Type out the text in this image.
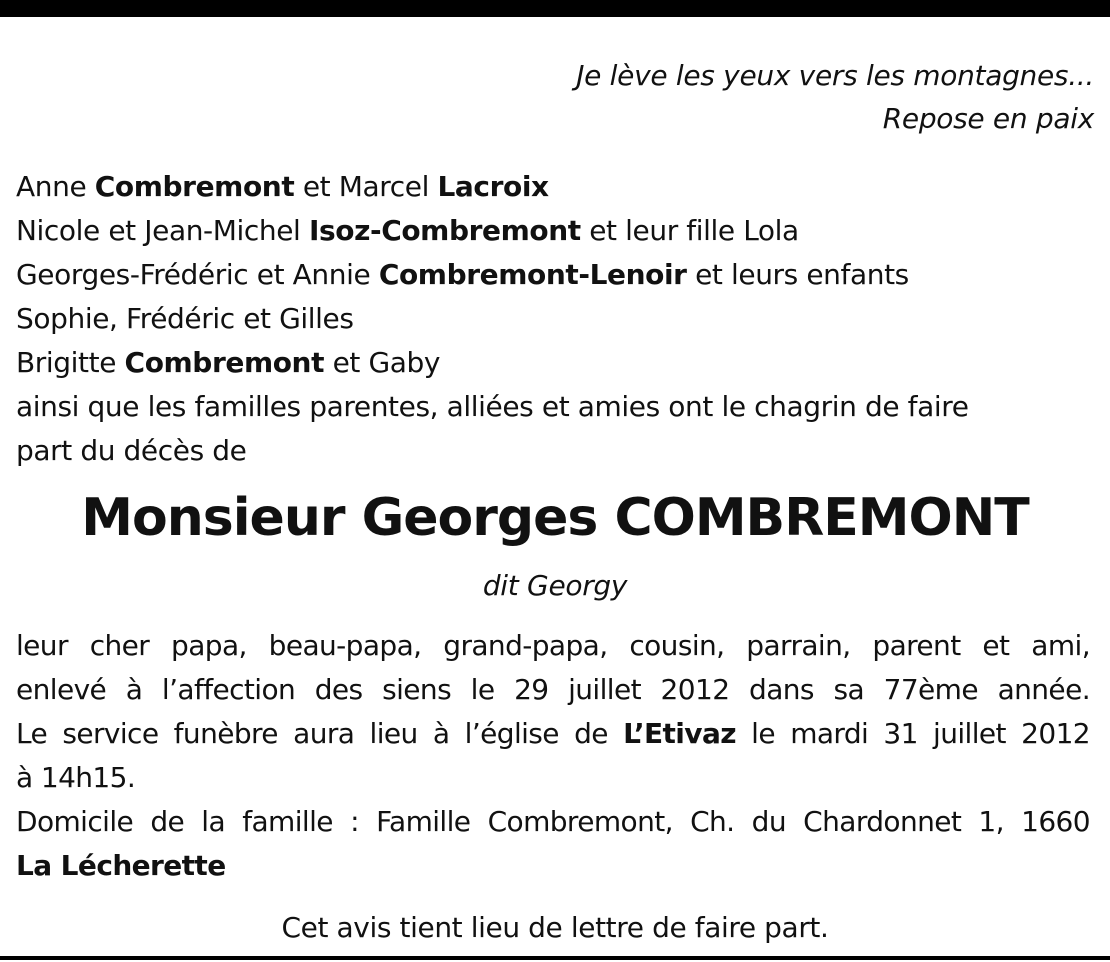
Je lève les yeux vers les montagnes...
Repose en paix
Anne Combremont et Marcel Lacroix
Nicole et Jean-Michel Isoz-Combremont et leur fille Lola
Georges-Frédéric et Annie Combremont-Lenoir et leurs enfants
Sophie, Frédéric et Gilles
Brigitte Combremont et Gaby
ainsi que les familles parentes, alliées et amies ont le chagrin de faire
part du décès de
Monsieur Georges COMBREMONT
dit Georgy
leur cher papa, beau-papa, grand-papa, cousin, parrain, parent et ami,
enlevé à l’affection des siens le 29 juillet 2012 dans sa 77ème année.
Le service funèbre aura lieu à l’église de L’Etivaz le mardi 31 juillet 2012
à 14h15.
Domicile de la famille : Famille Combremont, Ch. du Chardonnet 1, 1660
La Lécherette
Cet avis tient lieu de lettre de faire part.
